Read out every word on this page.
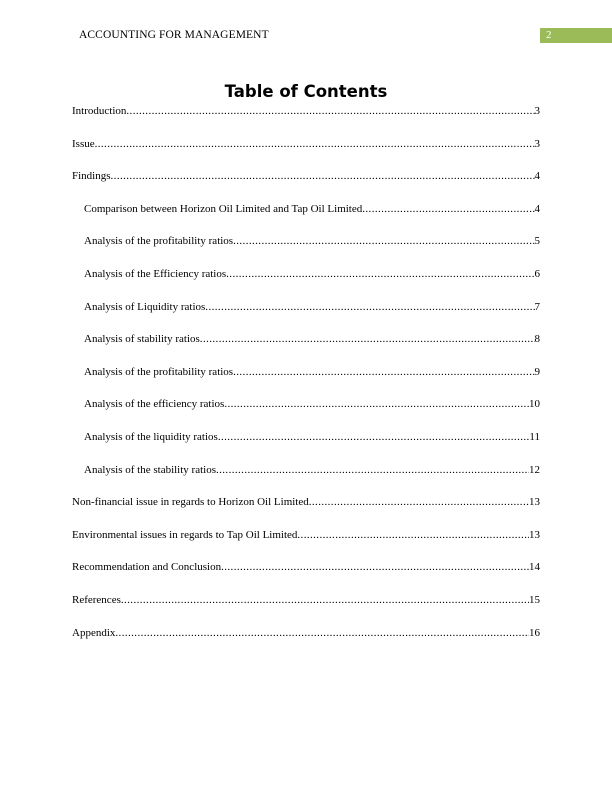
ACCOUNTING FOR MANAGEMENT	2
Table of Contents
Introduction .....	3
Issue .....	3
Findings .....	4
Comparison between Horizon Oil Limited and Tap Oil Limited .....	4
Analysis of the profitability ratios .....	5
Analysis of the Efficiency ratios .....	6
Analysis of Liquidity ratios .....	7
Analysis of stability ratios .....	8
Analysis of the profitability ratios .....	9
Analysis of the efficiency ratios .....	10
Analysis of the liquidity ratios .....	11
Analysis of the stability ratios .....	12
Non-financial issue in regards to Horizon Oil Limited .....	13
Environmental issues in regards to Tap Oil Limited .....	13
Recommendation and Conclusion .....	14
References .....	15
Appendix .....	16
